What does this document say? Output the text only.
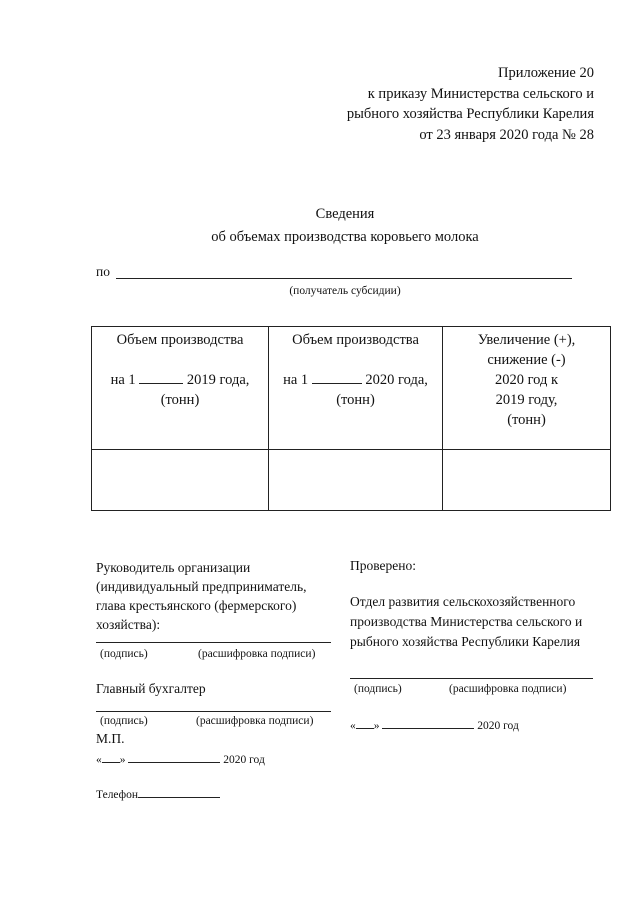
Приложение 20
к приказу Министерства сельского и
рыбного хозяйства Республики Карелия
от 23 января 2020 года № 28
Сведения
об объемах производства коровьего молока
по
(получатель субсидии)
Объем производства
на 1 2019 года,
(тонн)	Объем производства
на 1 2020 года,
(тонн)	Увеличение (+),
снижение (-)
2020 год к
2019 году,
(тонн)

Руководитель организации
(индивидуальный предприниматель,
глава крестьянского (фермерского)
хозяйства):
(подпись)	(расшифровка подписи)
Главный бухгалтер
(подпись)	(расшифровка подписи)
М.П.
« »	2020 год
Телефон
Проверено:
Отдел развития сельскохозяйственного
производства Министерства сельского и
рыбного хозяйства Республики Карелия
(подпись)	(расшифровка подписи)
« »	2020 год
